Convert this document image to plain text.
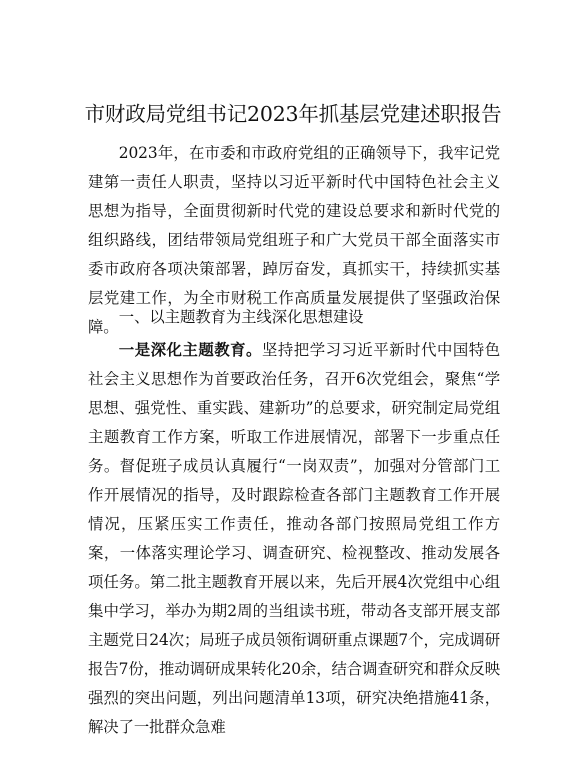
市财政局党组书记2023年抓基层党建述职报告

2023年，在市委和市政府党组的正确领导下，我牢记党建第一责任人职责，坚持以习近平新时代中国特色社会主义思想为指导，全面贯彻新时代党的建设总要求和新时代党的组织路线，团结带领局党组班子和广大党员干部全面落实市委市政府各项决策部署，踔厉奋发，真抓实干，持续抓实基层党建工作，为全市财税工作高质量发展提供了坚强政治保障。

一、以主题教育为主线深化思想建设

一是深化主题教育。坚持把学习习近平新时代中国特色社会主义思想作为首要政治任务，召开6次党组会，聚焦“学思想、强党性、重实践、建新功”的总要求，研究制定局党组主题教育工作方案，听取工作进展情况，部署下一步重点任务。督促班子成员认真履行“一岗双责”，加强对分管部门工作开展情况的指导，及时跟踪检查各部门主题教育工作开展情况，压紧压实工作责任，推动各部门按照局党组工作方案，一体落实理论学习、调查研究、检视整改、推动发展各项任务。第二批主题教育开展以来，先后开展4次党组中心组集中学习，举办为期2周的当组读书班，带动各支部开展支部主题党日24次；局班子成员领衔调研重点课题7个，完成调研报告7份，推动调研成果转化20余，结合调查研究和群众反映强烈的突出问题，列出问题清单13项，研究决绝措施41条，解决了一批群众急难
